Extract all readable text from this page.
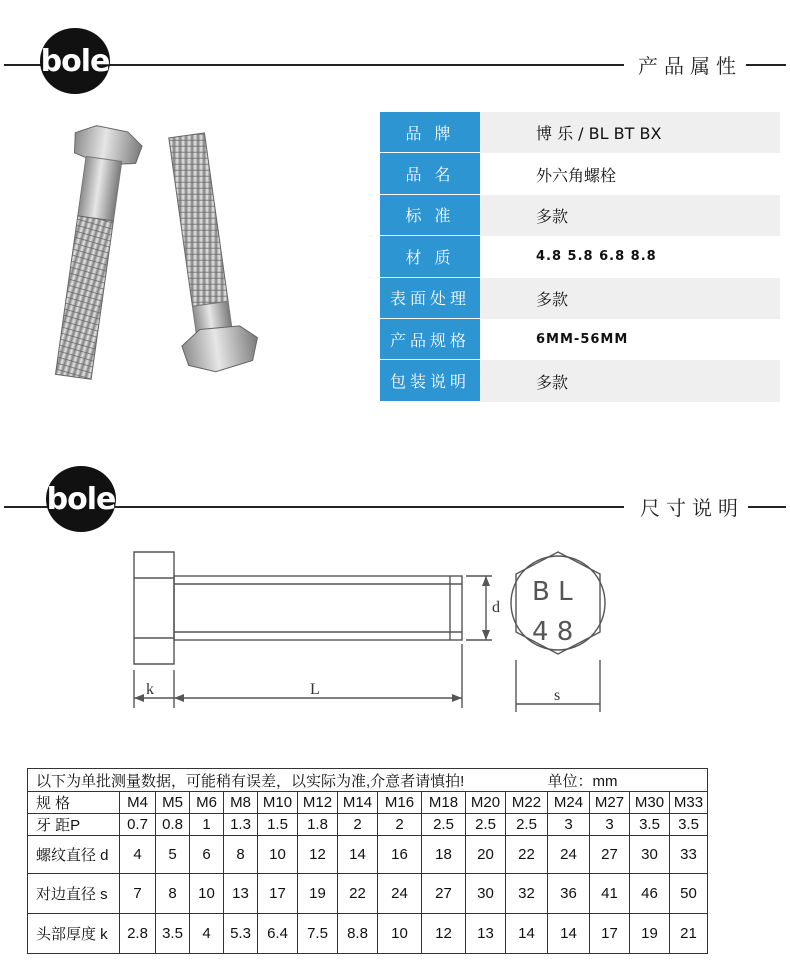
bole	产品属性
品 牌	博 乐 / BL BT BX
品 名	外六角螺栓
标 准	多款
材 质	4.8 5.8 6.8 8.8
表面处理	多款
产品规格	6MM-56MM
包装说明	多款
bole	尺寸说明
d
k	L	s
B L
4 8
以下为单批测量数据，可能稍有误差，以实际为准,介意者请慎拍!												单位：mm			
规 格	M4	M5	M6	M8	M10	M12	M14	M16	M18	M20	M22	M24	M27	M30	M33
牙 距P	0.7	0.8	1	1.3	1.5	1.8	2	2	2.5	2.5	2.5	3	3	3.5	3.5
螺纹直径 d	4	5	6	8	10	12	14	16	18	20	22	24	27	30	33
对边直径 s	7	8	10	13	17	19	22	24	27	30	32	36	41	46	50
头部厚度 k	2.8	3.5	4	5.3	6.4	7.5	8.8	10	12	13	14	14	17	19	21
